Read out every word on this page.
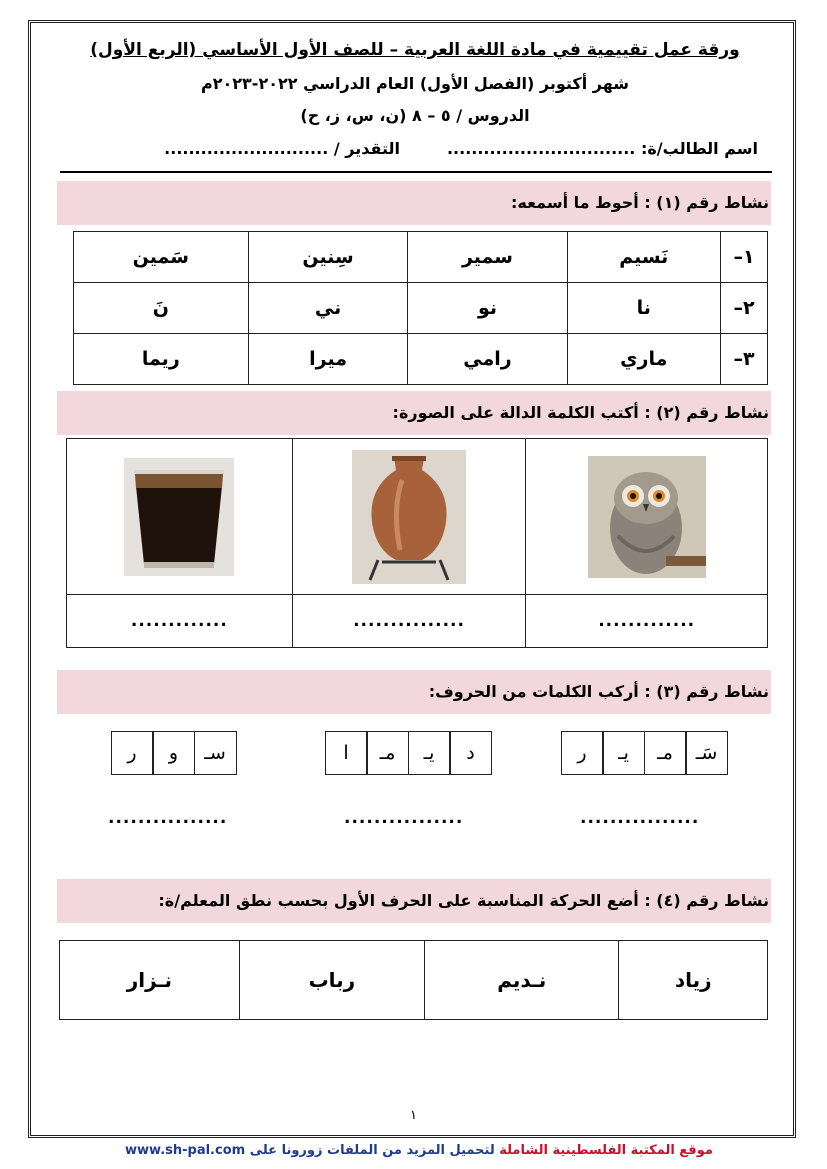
ورقة عمل تقييمية في مادة اللغة العربية – للصف الأول الأساسي (الربع الأول)
شهر أكتوبر (الفصل الأول) العام الدراسي ٢٠٢٢-٢٠٢٣م
الدروس / ٥ – ٨ (ن، س، ز، ح)
اسم الطالب/ة: ...............................
التقدير / ...........................
نشاط رقم (١) : أحوط ما أسمعه:
١–	نَسيم	سمير	سِنين	سَمين
٢–	نا	نو	ني	نَ
٣–	ماري	رامي	ميرا	ريما
نشاط رقم (٢) : أكتب الكلمة الدالة على الصورة:

.............	...............	.............
نشاط رقم (٣) : أركب الكلمات من الحروف:
سَـ
مـ
يـ
ر
د
يـ
مـ
ا
سـ
و
ر
................
................
................
نشاط رقم (٤) : أضع الحركة المناسبة على الحرف الأول بحسب نطق المعلم/ة:
زياد	نـديم	رباب	نـزار
١
www.sh-pal.com	موقع المكتبة الفلسطينية الشاملة لتحميل المزيد من الملفات زورونا على
